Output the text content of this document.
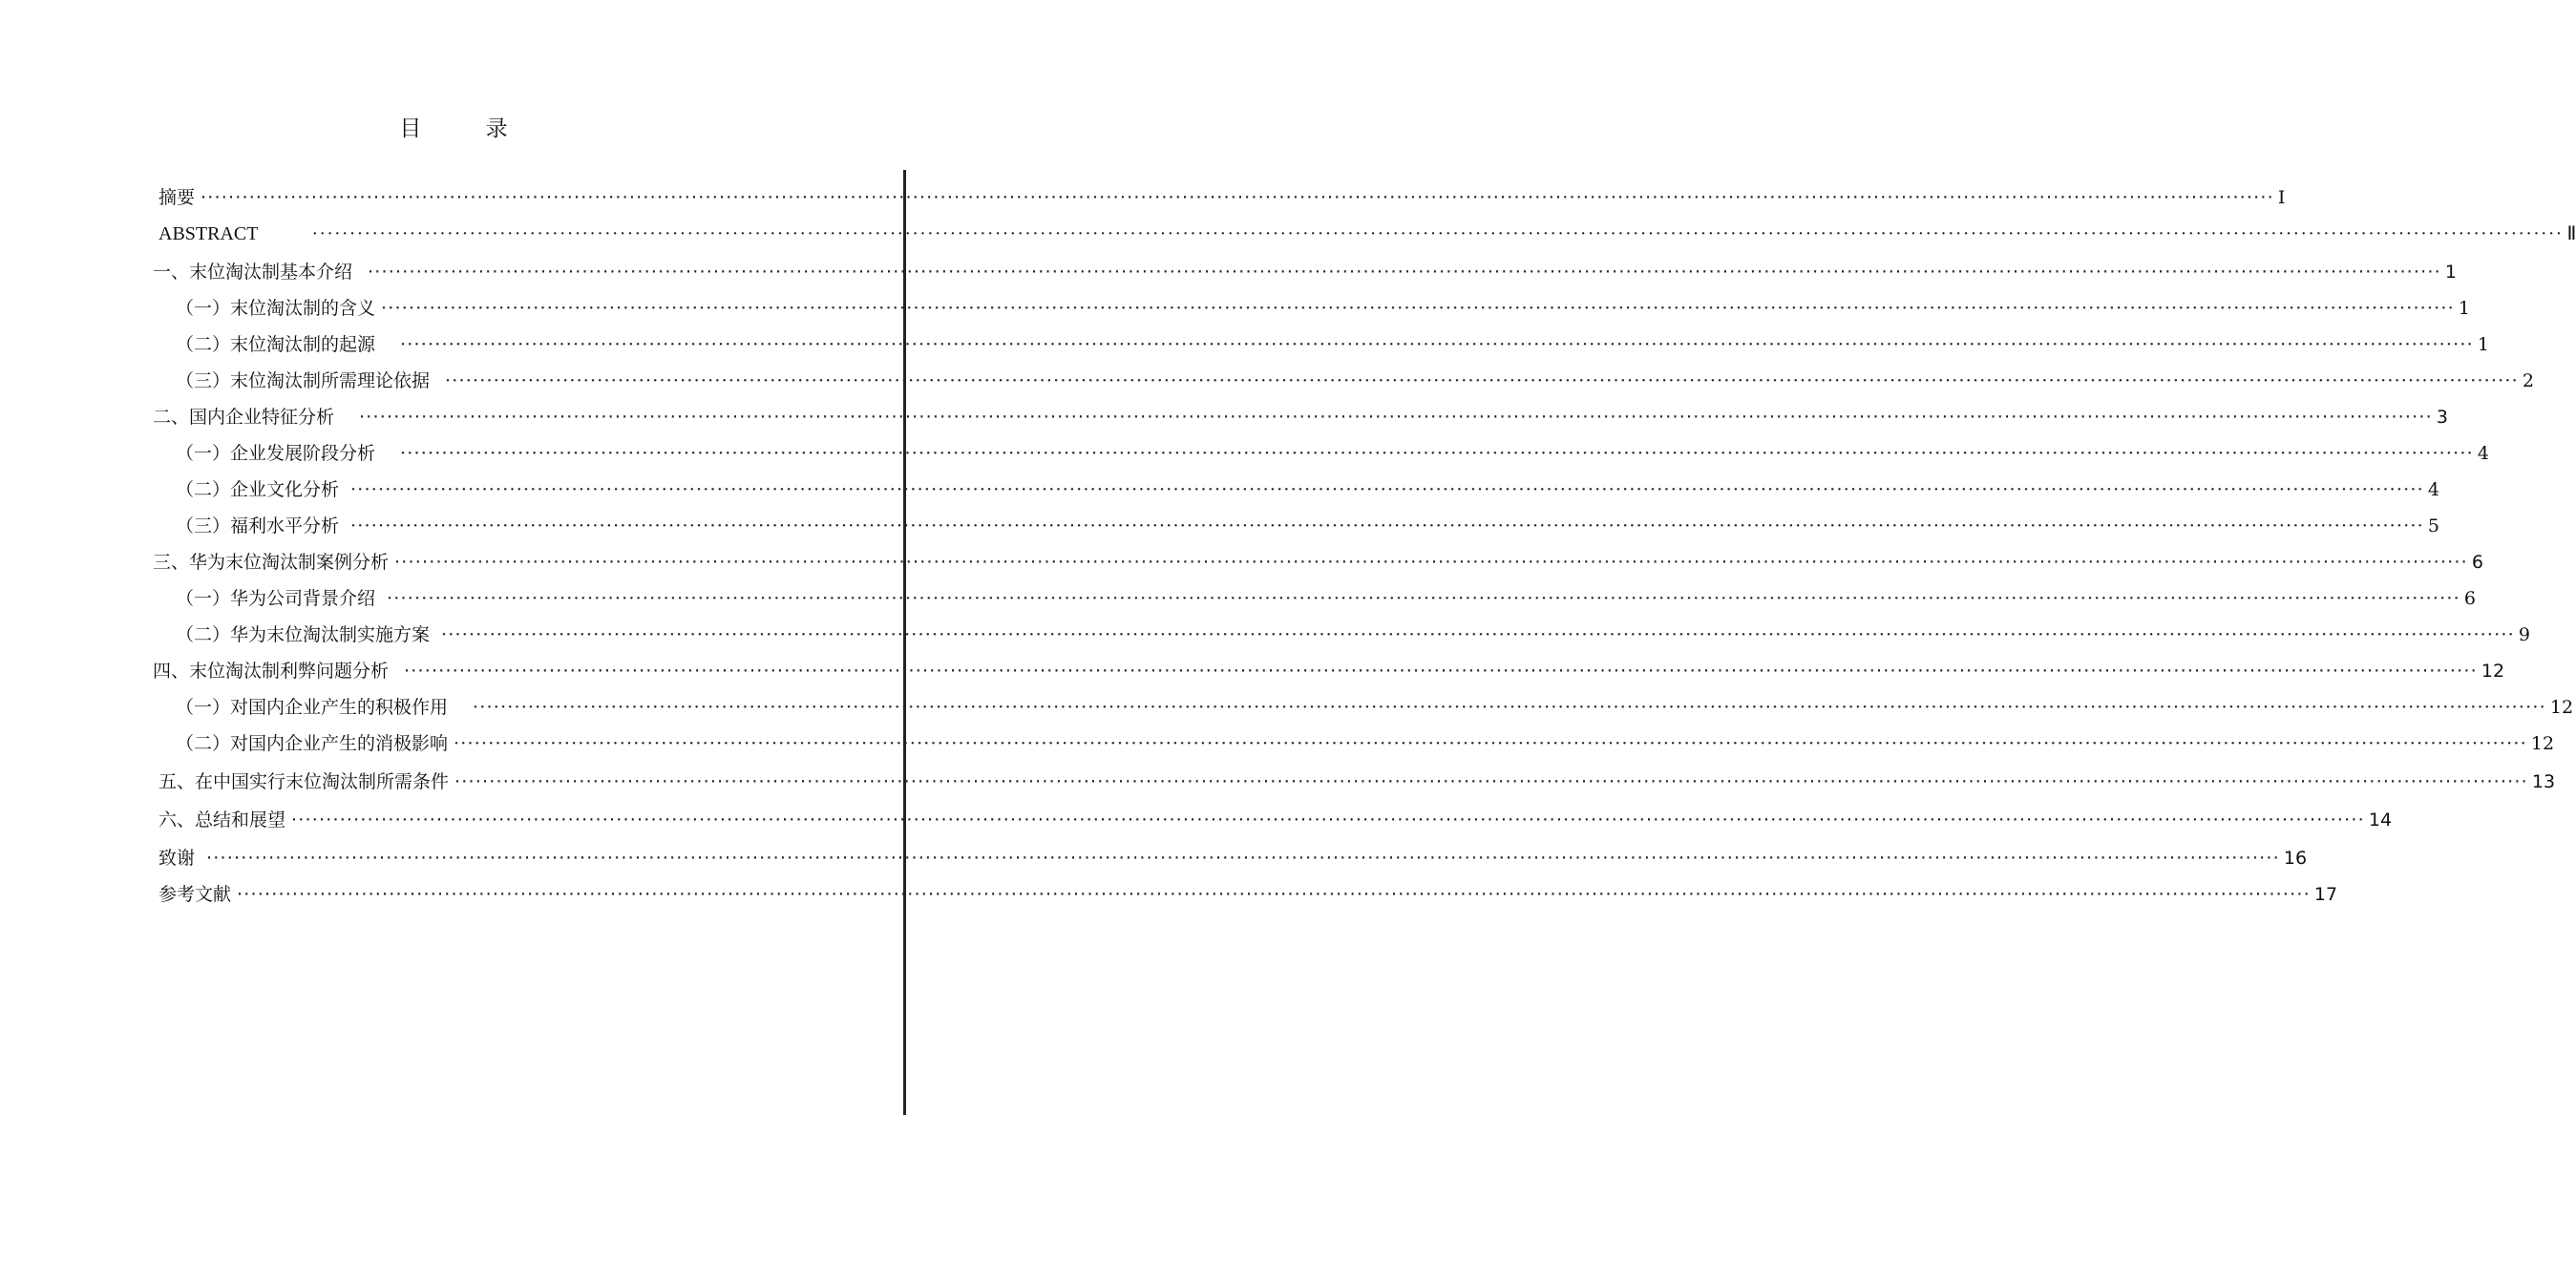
目 录
摘要 ············································································································································································································································································································ Ⅰ
ABSTRACT	············································································································································································································································································································ Ⅱ
一、末位淘汰制基本介绍 ············································································································································································································································································································ 1
（一）末位淘汰制的含义 ············································································································································································································································································································ 1
（二）末位淘汰制的起源 ············································································································································································································································································································ 1
（三）末位淘汰制所需理论依据 ············································································································································································································································································································ 2
二、国内企业特征分析 ············································································································································································································································································································ 3
（一）企业发展阶段分析 ············································································································································································································································································································ 4
（二）企业文化分析 ············································································································································································································································································································ 4
（三）福利水平分析 ············································································································································································································································································································ 5
三、华为末位淘汰制案例分析 ············································································································································································································································································································ 6
（一）华为公司背景介绍 ············································································································································································································································································································ 6
（二）华为末位淘汰制实施方案 ············································································································································································································································································································ 9
四、末位淘汰制利弊问题分析 ············································································································································································································································································································ 12
（一）对国内企业产生的积极作用 ············································································································································································································································································································ 12
（二）对国内企业产生的消极影响 ············································································································································································································································································································ 12
五、在中国实行末位淘汰制所需条件 ············································································································································································································································································································ 13
六、总结和展望 ············································································································································································································································································································ 14
致谢 ············································································································································································································································································································ 16
参考文献 ············································································································································································································································································································ 17
